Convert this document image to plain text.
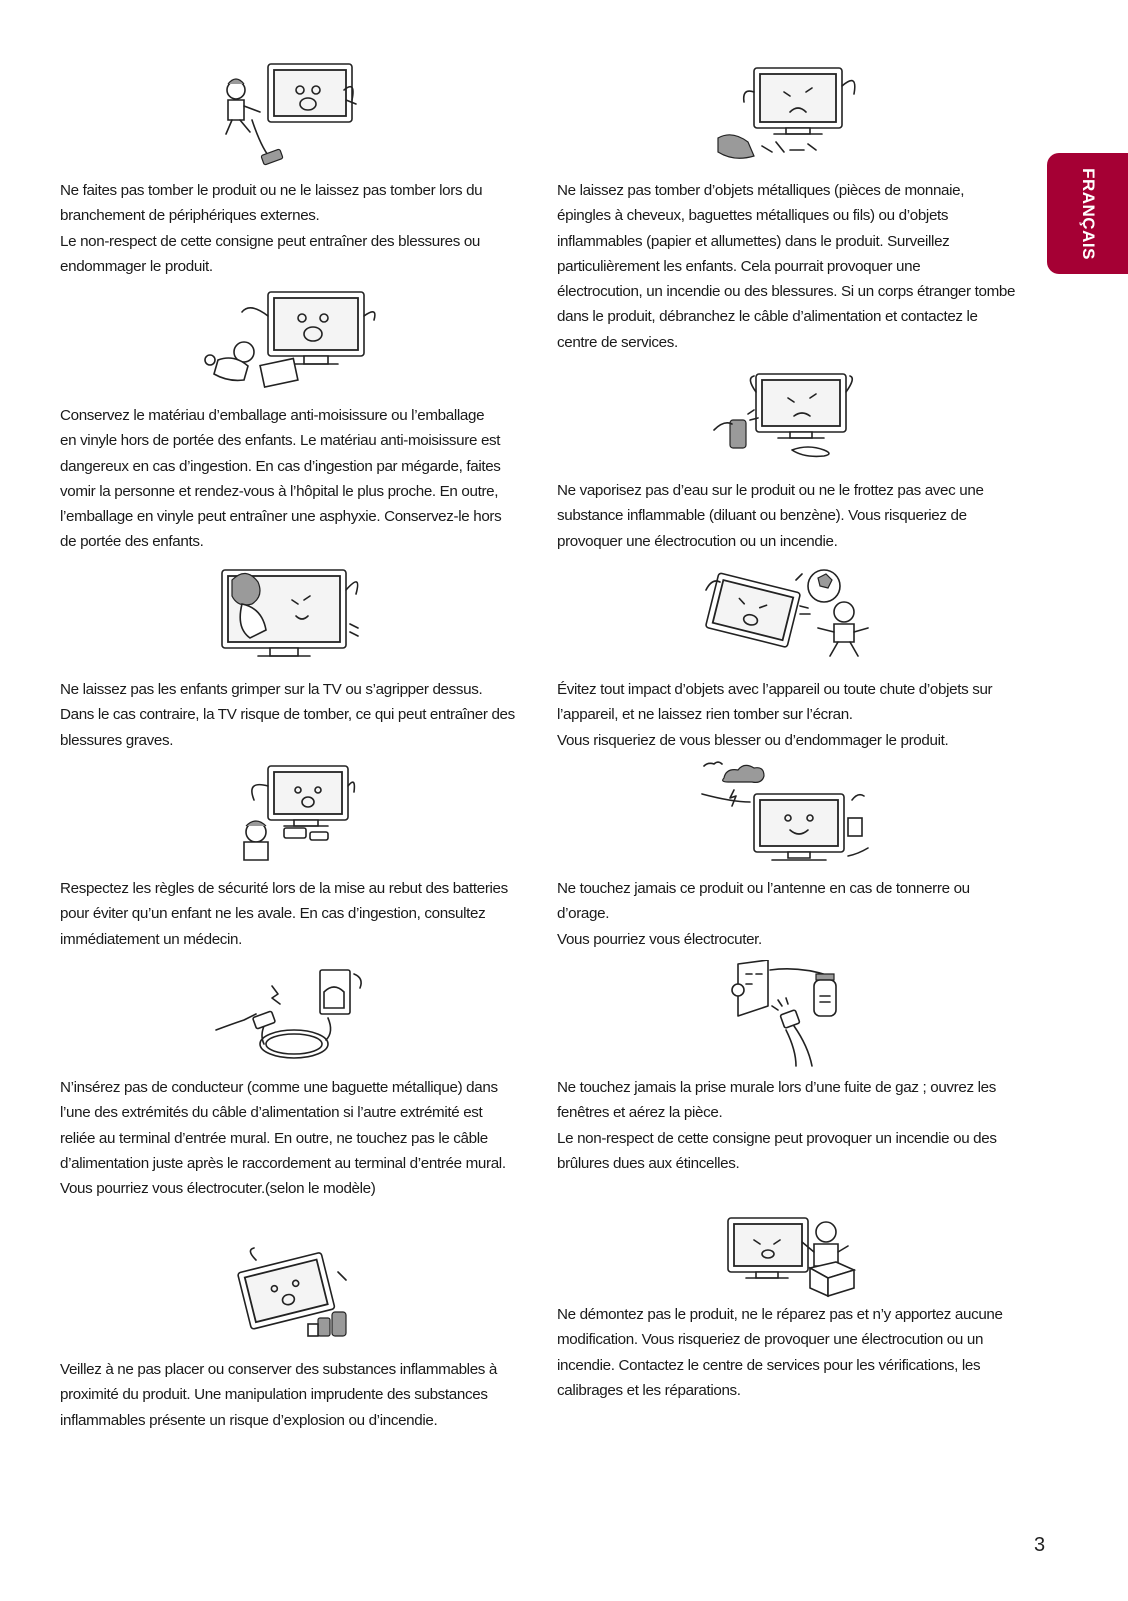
FRANÇAIS
Ne faites pas tomber le produit ou ne le laissez pas tomber lors du
branchement de périphériques externes.
Le non-respect de cette consigne peut entraîner des blessures ou
endommager le produit.
Conservez le matériau d’emballage anti-moisissure ou l’emballage
en vinyle hors de portée des enfants. Le matériau anti-moisissure est
dangereux en cas d’ingestion. En cas d’ingestion par mégarde, faites
vomir la personne et rendez-vous à l’hôpital le plus proche. En outre,
l’emballage en vinyle peut entraîner une asphyxie. Conservez-le hors
de portée des enfants.
Ne laissez pas les enfants grimper sur la TV ou s’agripper dessus.
Dans le cas contraire, la TV risque de tomber, ce qui peut entraîner des
blessures graves.
Respectez les règles de sécurité lors de la mise au rebut des batteries
pour éviter qu’un enfant ne les avale. En cas d’ingestion, consultez
immédiatement un médecin.
N’insérez pas de conducteur (comme une baguette métallique) dans
l’une des extrémités du câble d’alimentation si l’autre extrémité est
reliée au terminal d’entrée mural. En outre, ne touchez pas le câble
d’alimentation juste après le raccordement au terminal d’entrée mural.
Vous pourriez vous électrocuter.(selon le modèle)
Veillez à ne pas placer ou conserver des substances inflammables à
proximité du produit. Une manipulation imprudente des substances
inflammables présente un risque d’explosion ou d’incendie.
Ne laissez pas tomber d’objets métalliques (pièces de monnaie,
épingles à cheveux, baguettes métalliques ou fils) ou d’objets
inflammables (papier et allumettes) dans le produit. Surveillez
particulièrement les enfants. Cela pourrait provoquer une
électrocution, un incendie ou des blessures. Si un corps étranger tombe
dans le produit, débranchez le câble d’alimentation et contactez le
centre de services.
Ne vaporisez pas d’eau sur le produit ou ne le frottez pas avec une
substance inflammable (diluant ou benzène). Vous risqueriez de
provoquer une électrocution ou un incendie.
Évitez tout impact d’objets avec l’appareil ou toute chute d’objets sur
l’appareil, et ne laissez rien tomber sur l’écran.
Vous risqueriez de vous blesser ou d’endommager le produit.
Ne touchez jamais ce produit ou l’antenne en cas de tonnerre ou
d’orage.
Vous pourriez vous électrocuter.
Ne touchez jamais la prise murale lors d’une fuite de gaz ; ouvrez les
fenêtres et aérez la pièce.
Le non-respect de cette consigne peut provoquer un incendie ou des
brûlures dues aux étincelles.
Ne démontez pas le produit, ne le réparez pas et n’y apportez aucune
modification. Vous risqueriez de provoquer une électrocution ou un
incendie. Contactez le centre de services pour les vérifications, les
calibrages et les réparations.
3
